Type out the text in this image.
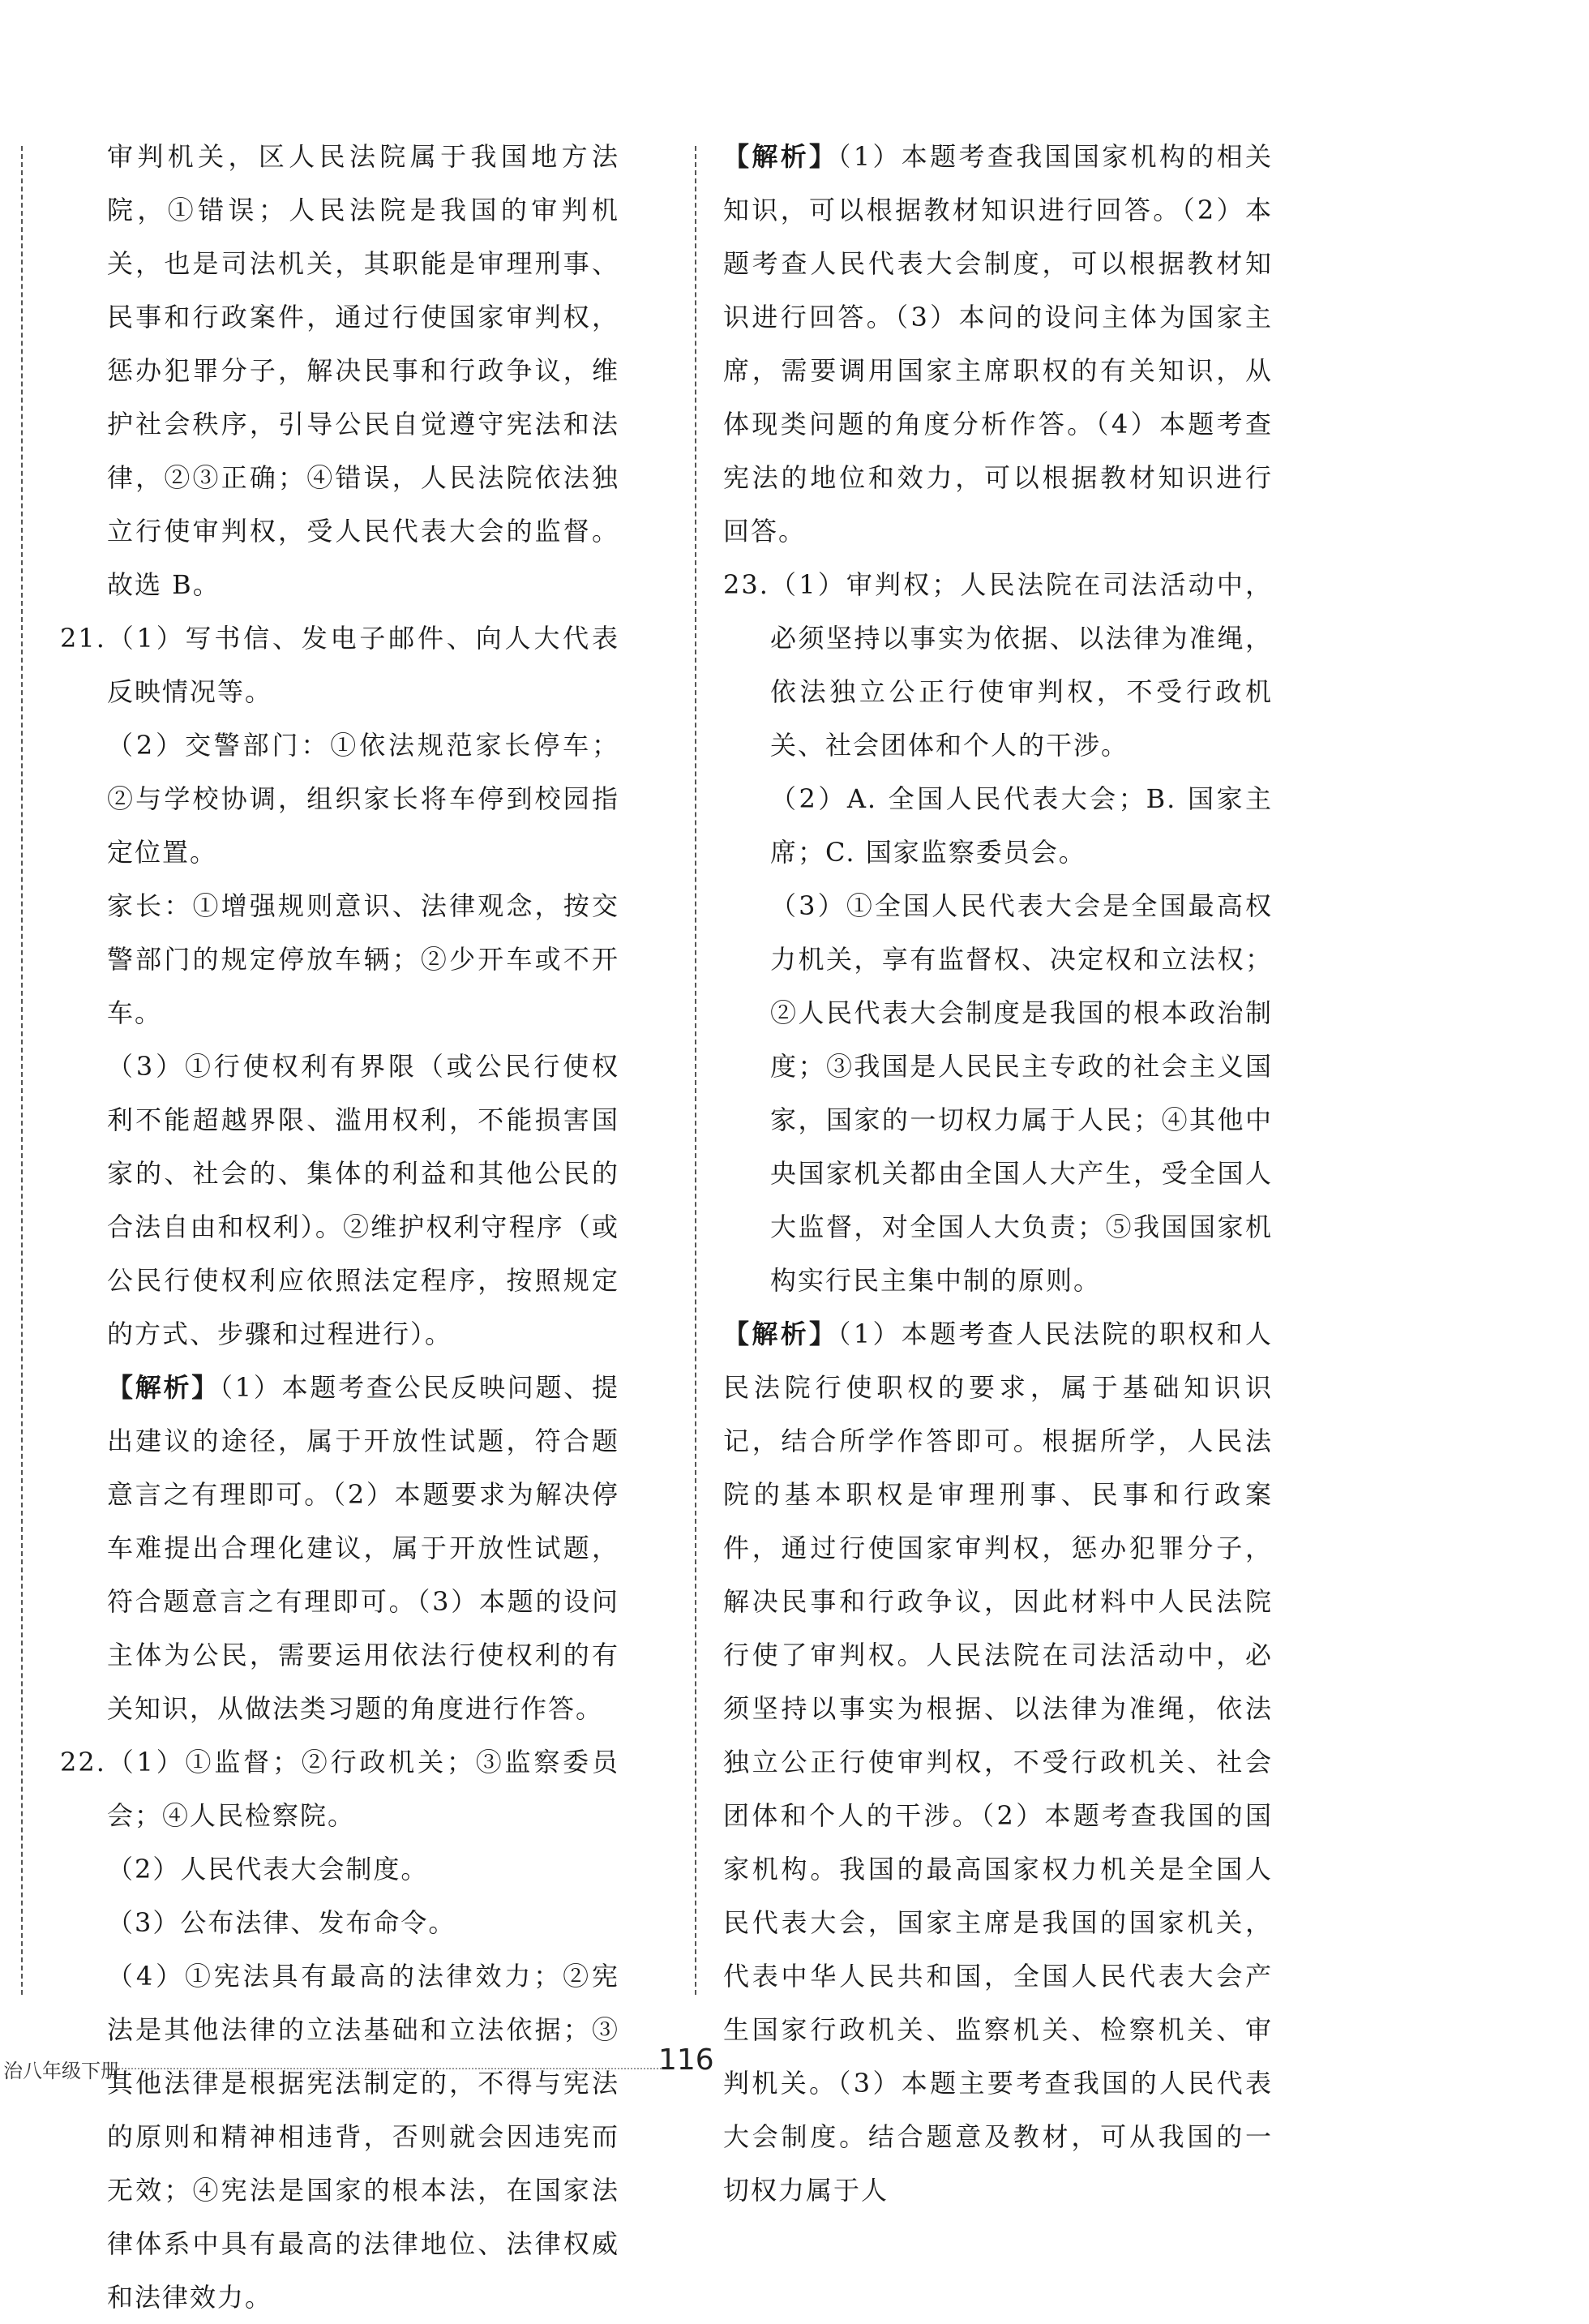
审判机关，区人民法院属于我国地方法院，①错误；人民法院是我国的审判机关，也是司法机关，其职能是审理刑事、民事和行政案件，通过行使国家审判权，惩办犯罪分子，解决民事和行政争议，维护社会秩序，引导公民自觉遵守宪法和法律，②③正确；④错误，人民法院依法独立行使审判权，受人民代表大会的监督。故选 B。

21.（1）写书信、发电子邮件、向人大代表反映情况等。

（2）交警部门：①依法规范家长停车；②与学校协调，组织家长将车停到校园指定位置。

家长：①增强规则意识、法律观念，按交警部门的规定停放车辆；②少开车或不开车。

（3）①行使权利有界限（或公民行使权利不能超越界限、滥用权利，不能损害国家的、社会的、集体的利益和其他公民的合法自由和权利）。②维护权利守程序（或公民行使权利应依照法定程序，按照规定的方式、步骤和过程进行）。

【解析】（1）本题考查公民反映问题、提出建议的途径，属于开放性试题，符合题意言之有理即可。（2）本题要求为解决停车难提出合理化建议，属于开放性试题，符合题意言之有理即可。（3）本题的设问主体为公民，需要运用依法行使权利的有关知识，从做法类习题的角度进行作答。

22.（1）①监督；②行政机关；③监察委员会；④人民检察院。

（2）人民代表大会制度。

（3）公布法律、发布命令。

（4）①宪法具有最高的法律效力；②宪法是其他法律的立法基础和立法依据；③其他法律是根据宪法制定的，不得与宪法的原则和精神相违背，否则就会因违宪而无效；④宪法是国家的根本法，在国家法律体系中具有最高的法律地位、法律权威和法律效力。

【解析】（1）本题考查我国国家机构的相关知识，可以根据教材知识进行回答。（2）本题考查人民代表大会制度，可以根据教材知识进行回答。（3）本问的设问主体为国家主席，需要调用国家主席职权的有关知识，从体现类问题的角度分析作答。（4）本题考查宪法的地位和效力，可以根据教材知识进行回答。

23.（1）审判权；人民法院在司法活动中，必须坚持以事实为依据、以法律为准绳，依法独立公正行使审判权，不受行政机关、社会团体和个人的干涉。

（2）A. 全国人民代表大会；B. 国家主席；C. 国家监察委员会。

（3）①全国人民代表大会是全国最高权力机关，享有监督权、决定权和立法权；②人民代表大会制度是我国的根本政治制度；③我国是人民民主专政的社会主义国家，国家的一切权力属于人民；④其他中央国家机关都由全国人大产生，受全国人大监督，对全国人大负责；⑤我国国家机构实行民主集中制的原则。

【解析】（1）本题考查人民法院的职权和人民法院行使职权的要求，属于基础知识识记，结合所学作答即可。根据所学，人民法院的基本职权是审理刑事、民事和行政案件，通过行使国家审判权，惩办犯罪分子，解决民事和行政争议，因此材料中人民法院行使了审判权。人民法院在司法活动中，必须坚持以事实为根据、以法律为准绳，依法独立公正行使审判权，不受行政机关、社会团体和个人的干涉。（2）本题考查我国的国家机构。我国的最高国家权力机关是全国人民代表大会，国家主席是我国的国家机关，代表中华人民共和国，全国人民代表大会产生国家行政机关、监察机关、检察机关、审判机关。（3）本题主要考查我国的人民代表大会制度。结合题意及教材，可从我国的一切权力属于人

治八年级下册	116
